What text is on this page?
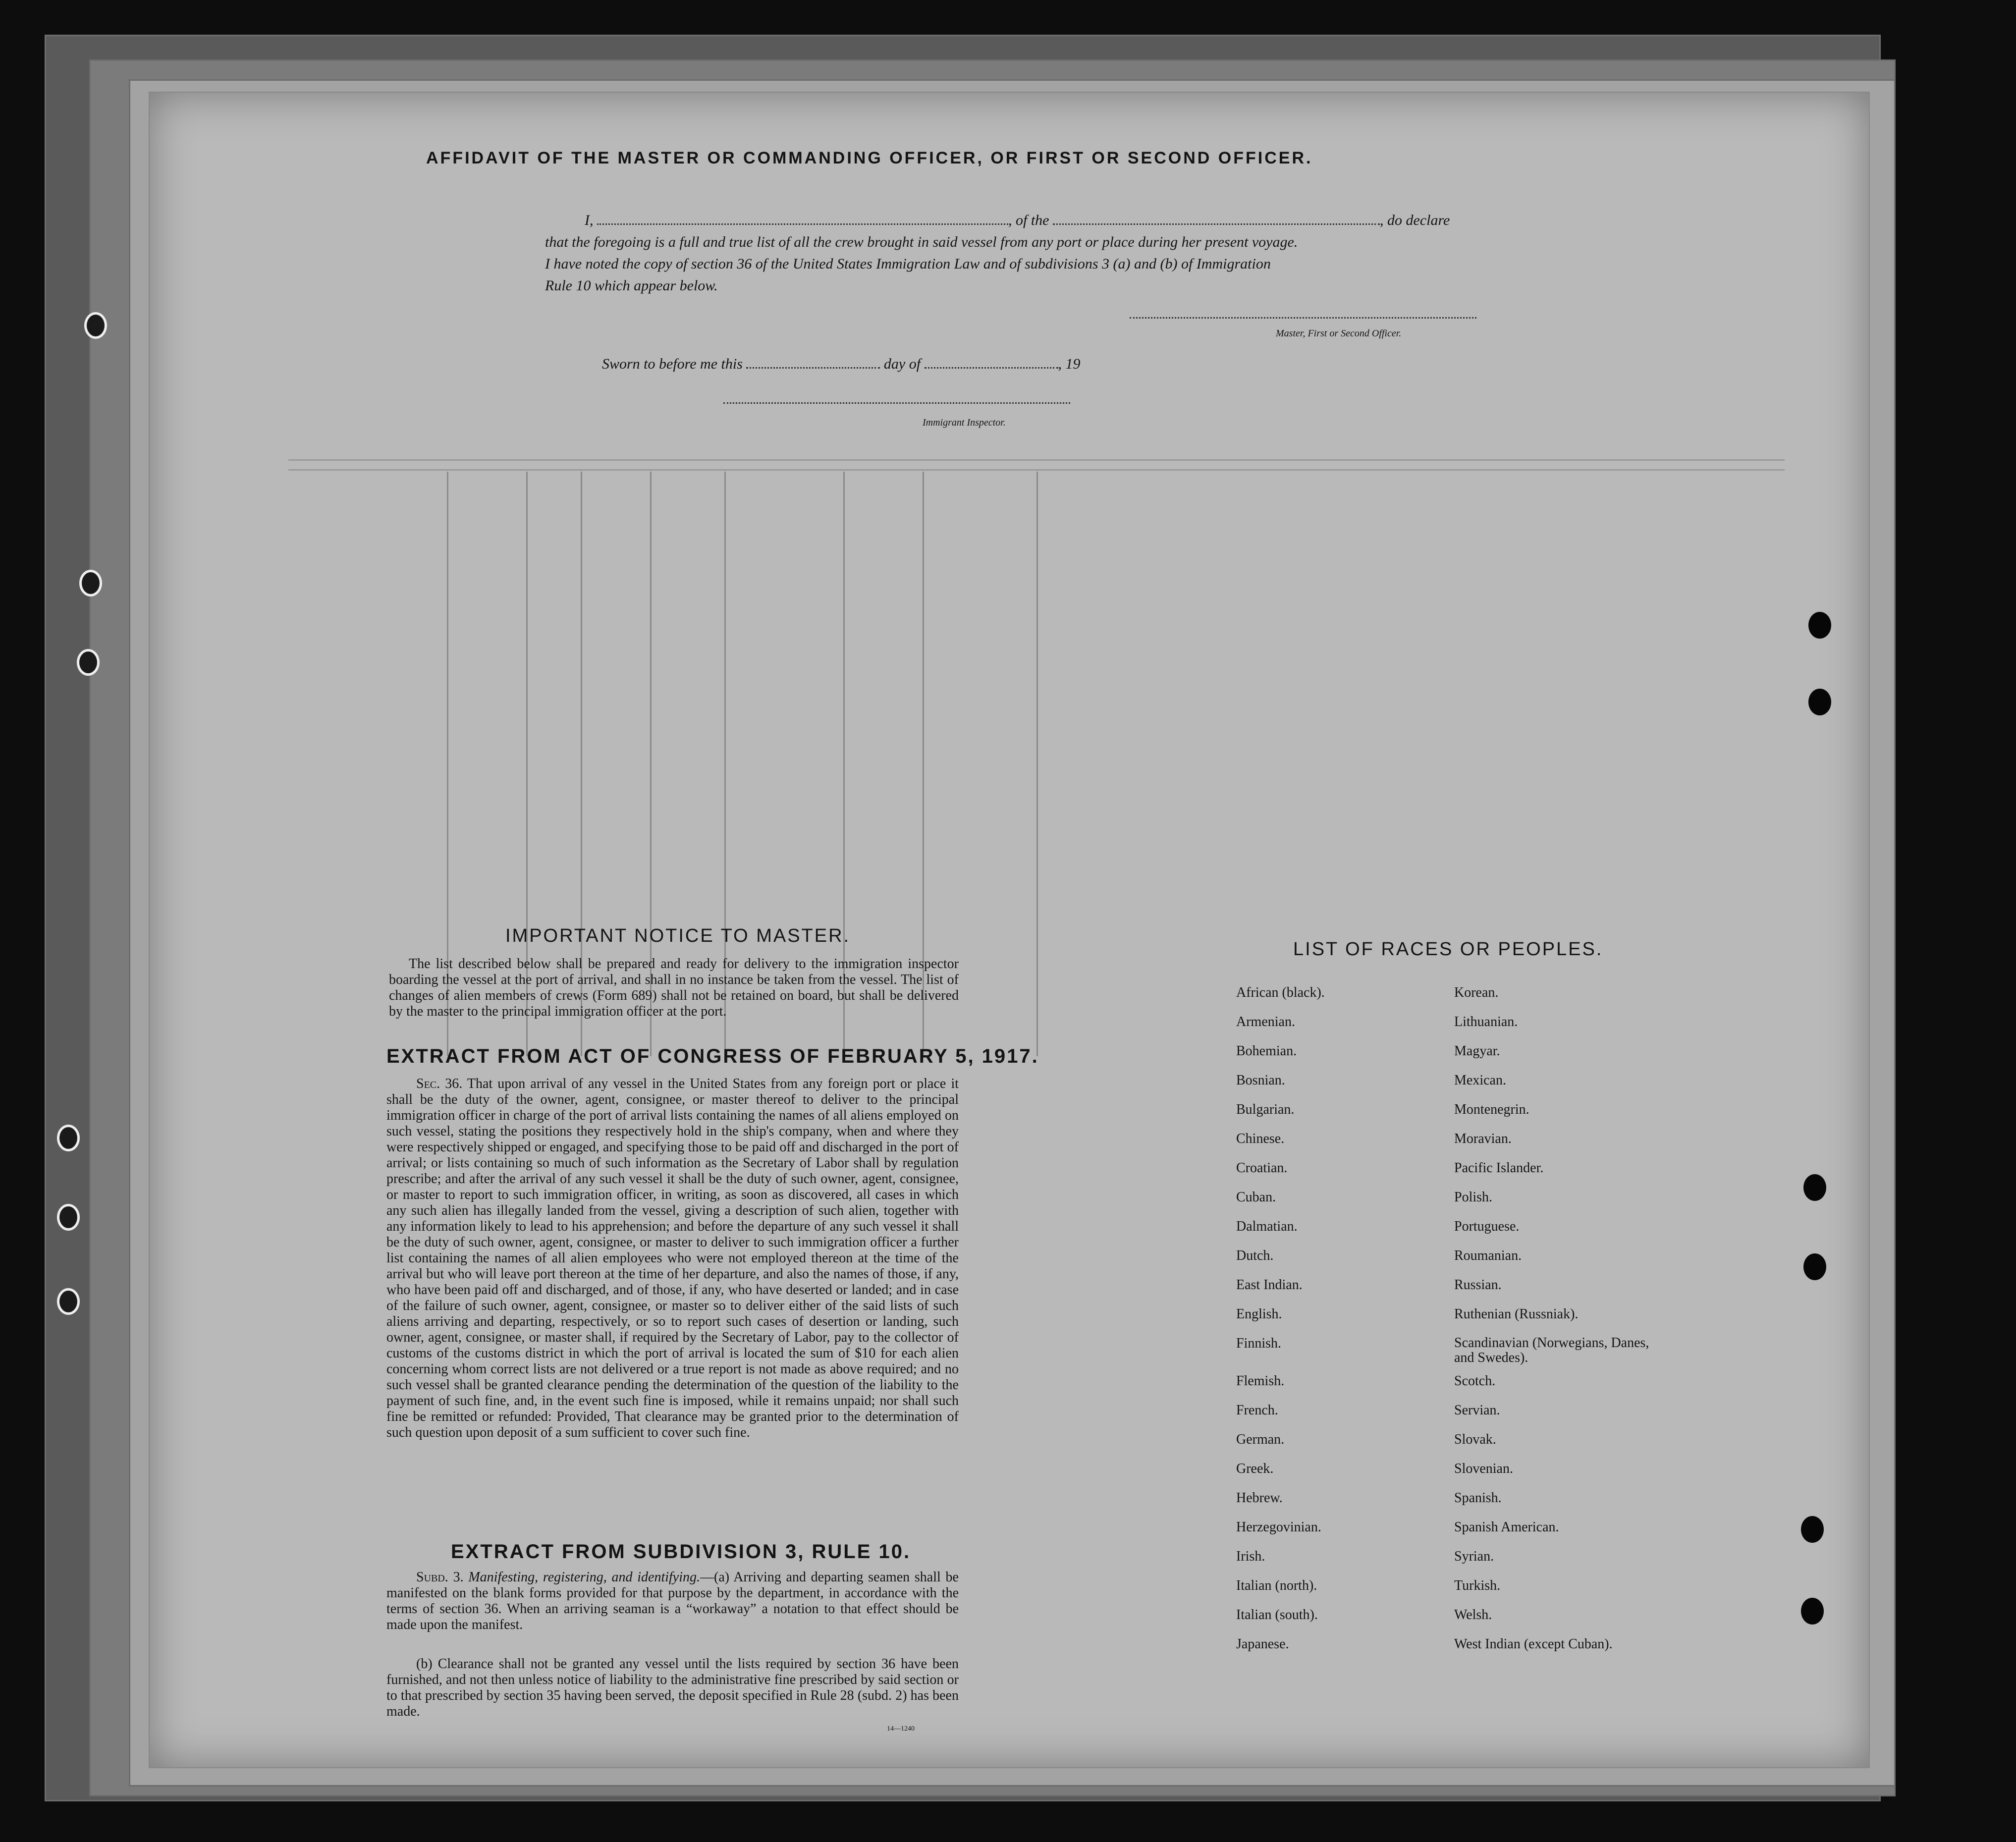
AFFIDAVIT OF THE MASTER OR COMMANDING OFFICER, OR FIRST OR SECOND OFFICER.
I,	, of the	, do declare
that the foregoing is a full and true list of all the crew brought in said vessel from any port or place during her present voyage.
I have noted the copy of section 36 of the United States Immigration Law and of subdivisions 3 (a) and (b) of Immigration
Rule 10 which appear below.
Master, First or Second Officer.
Sworn to before me this	day of	, 19
Immigrant Inspector.
IMPORTANT NOTICE TO MASTER.
The list described below shall be prepared and ready for delivery to the immigration inspector boarding the vessel at the port of arrival, and shall in no instance be taken from the vessel. The list of changes of alien members of crews (Form 689) shall not be retained on board, but shall be delivered by the master to the principal immigration officer at the port.
EXTRACT FROM ACT OF CONGRESS OF FEBRUARY 5, 1917.
Sec. 36. That upon arrival of any vessel in the United States from any foreign port or place it shall be the duty of the owner, agent, consignee, or master thereof to deliver to the principal immigration officer in charge of the port of arrival lists containing the names of all aliens employed on such vessel, stating the positions they respectively hold in the ship's company, when and where they were respectively shipped or engaged, and specifying those to be paid off and discharged in the port of arrival; or lists containing so much of such information as the Secretary of Labor shall by regulation prescribe; and after the arrival of any such vessel it shall be the duty of such owner, agent, consignee, or master to report to such immigration officer, in writing, as soon as discovered, all cases in which any such alien has illegally landed from the vessel, giving a description of such alien, together with any information likely to lead to his apprehension; and before the departure of any such vessel it shall be the duty of such owner, agent, consignee, or master to deliver to such immigration officer a further list containing the names of all alien employees who were not employed thereon at the time of the arrival but who will leave port thereon at the time of her departure, and also the names of those, if any, who have been paid off and discharged, and of those, if any, who have deserted or landed; and in case of the failure of such owner, agent, consignee, or master so to deliver either of the said lists of such aliens arriving and departing, respectively, or so to report such cases of desertion or landing, such owner, agent, consignee, or master shall, if required by the Secretary of Labor, pay to the collector of customs of the customs district in which the port of arrival is located the sum of $10 for each alien concerning whom correct lists are not delivered or a true report is not made as above required; and no such vessel shall be granted clearance pending the determination of the question of the liability to the payment of such fine, and, in the event such fine is imposed, while it remains unpaid; nor shall such fine be remitted or refunded: Provided, That clearance may be granted prior to the determination of such question upon deposit of a sum sufficient to cover such fine.
EXTRACT FROM SUBDIVISION 3, RULE 10.
Subd. 3. Manifesting, registering, and identifying.—(a) Arriving and departing seamen shall be manifested on the blank forms provided for that purpose by the department, in accordance with the terms of section 36. When an arriving seaman is a “workaway” a notation to that effect should be made upon the manifest.
(b) Clearance shall not be granted any vessel until the lists required by section 36 have been furnished, and not then unless notice of liability to the administrative fine prescribed by said section or to that prescribed by section 35 having been served, the deposit specified in Rule 28 (subd. 2) has been made.
14—1240
LIST OF RACES OR PEOPLES.
African (black).
Armenian.
Bohemian.
Bosnian.
Bulgarian.
Chinese.
Croatian.
Cuban.
Dalmatian.
Dutch.
East Indian.
English.
Finnish.
Flemish.
French.
German.
Greek.
Hebrew.
Herzegovinian.
Irish.
Italian (north).
Italian (south).
Japanese.
Korean.
Lithuanian.
Magyar.
Mexican.
Montenegrin.
Moravian.
Pacific Islander.
Polish.
Portuguese.
Roumanian.
Russian.
Ruthenian (Russniak).
Scandinavian (Norwegians, Danes, and Swedes).
Scotch.
Servian.
Slovak.
Slovenian.
Spanish.
Spanish American.
Syrian.
Turkish.
Welsh.
West Indian (except Cuban).
